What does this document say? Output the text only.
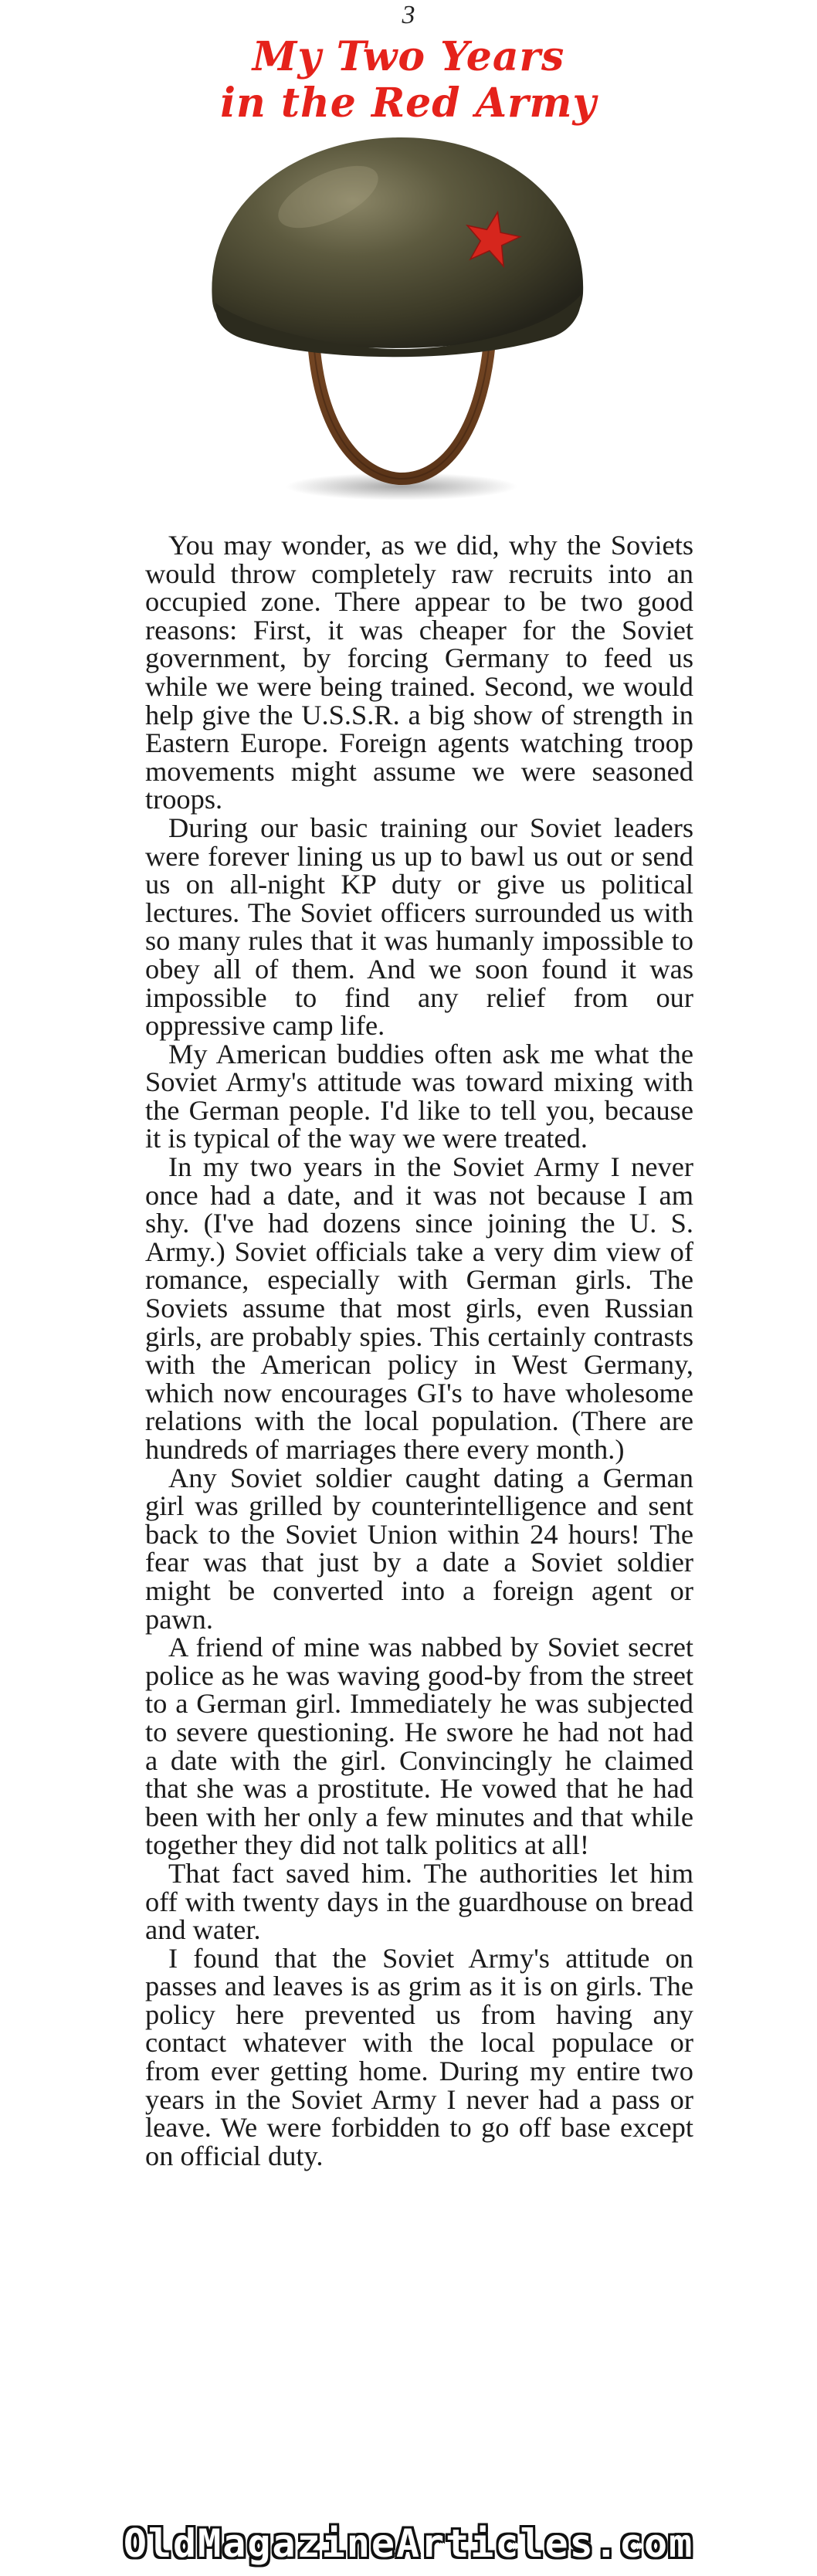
3
My Two Years
in the Red Army

You may wonder, as we did, why the Soviets would throw completely raw recruits into an occupied zone. There appear to be two good reasons: First, it was cheaper for the Soviet government, by forcing Germany to feed us while we were being trained. Second, we would help give the U.S.S.R. a big show of strength in Eastern Europe. Foreign agents watching troop movements might assume we were seasoned troops.

During our basic training our Soviet leaders were forever lining us up to bawl us out or send us on all-night KP duty or give us political lectures. The Soviet officers surrounded us with so many rules that it was humanly impossible to obey all of them. And we soon found it was impossible to find any relief from our oppressive camp life.

My American buddies often ask me what the Soviet Army's attitude was toward mixing with the German people. I'd like to tell you, because it is typical of the way we were treated.

In my two years in the Soviet Army I never once had a date, and it was not because I am shy. (I've had dozens since joining the U. S. Army.) Soviet officials take a very dim view of romance, especially with German girls. The Soviets assume that most girls, even Russian girls, are probably spies. This certainly contrasts with the American policy in West Germany, which now encourages GI's to have wholesome relations with the local population. (There are hundreds of marriages there every month.)

Any Soviet soldier caught dating a German girl was grilled by counterintelligence and sent back to the Soviet Union within 24 hours! The fear was that just by a date a Soviet soldier might be converted into a foreign agent or pawn.

A friend of mine was nabbed by Soviet secret police as he was waving good-by from the street to a German girl. Immediately he was subjected to severe questioning. He swore he had not had a date with the girl. Convincingly he claimed that she was a prostitute. He vowed that he had been with her only a few minutes and that while together they did not talk politics at all!

That fact saved him. The authorities let him off with twenty days in the guardhouse on bread and water.

I found that the Soviet Army's attitude on passes and leaves is as grim as it is on girls. The policy here prevented us from having any contact whatever with the local populace or from ever getting home. During my entire two years in the Soviet Army I never had a pass or leave. We were forbidden to go off base except on official duty.

OldMagazineArticles.com
